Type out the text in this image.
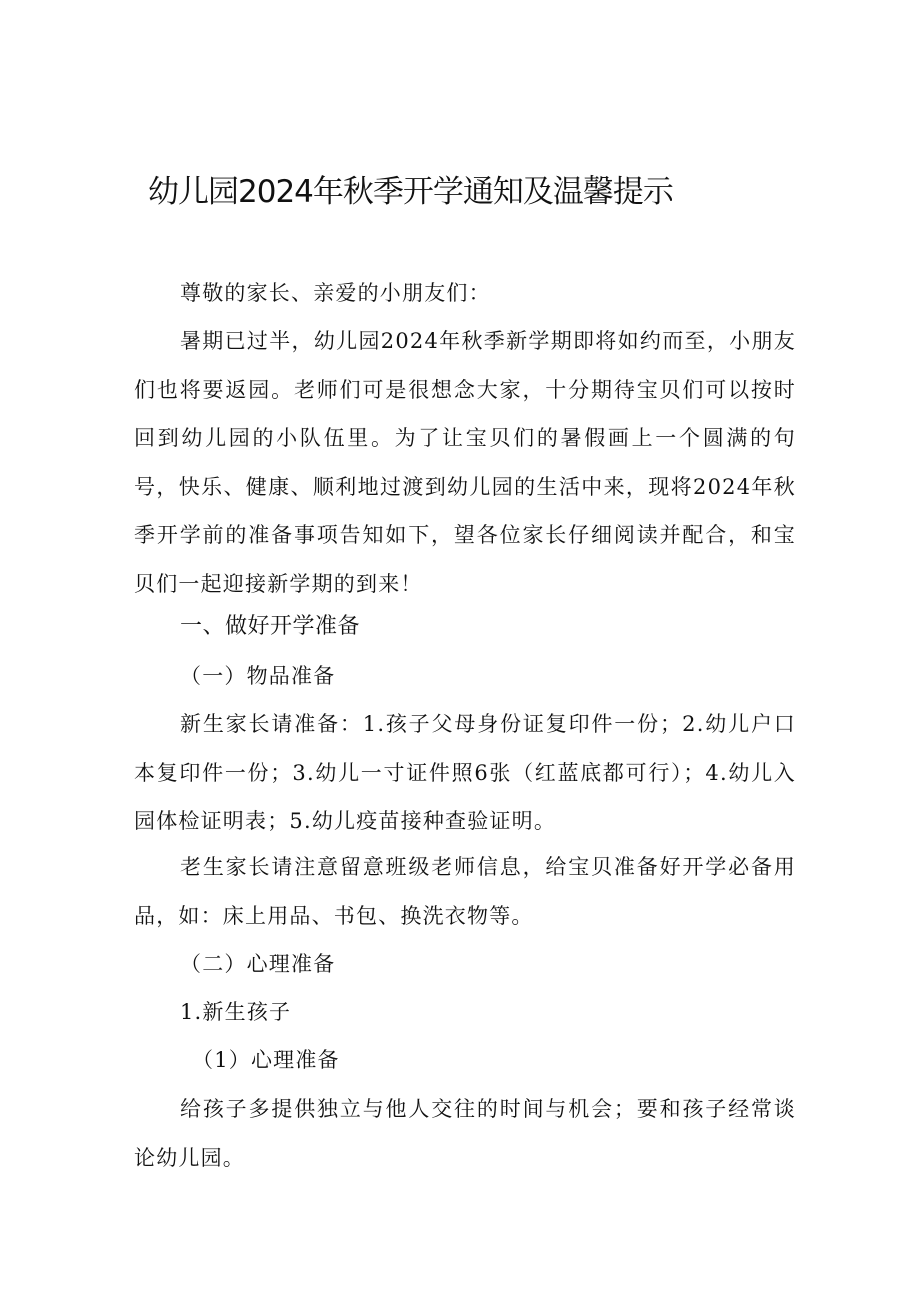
幼儿园2024年秋季开学通知及温馨提示

尊敬的家长、亲爱的小朋友们：

暑期已过半，幼儿园2024年秋季新学期即将如约而至，小朋友们也将要返园。老师们可是很想念大家，十分期待宝贝们可以按时回到幼儿园的小队伍里。为了让宝贝们的暑假画上一个圆满的句号，快乐、健康、顺利地过渡到幼儿园的生活中来，现将2024年秋季开学前的准备事项告知如下，望各位家长仔细阅读并配合，和宝贝们一起迎接新学期的到来！

一、做好开学准备

（一）物品准备

新生家长请准备：1.孩子父母身份证复印件一份；2.幼儿户口本复印件一份；3.幼儿一寸证件照6张（红蓝底都可行）；4.幼儿入园体检证明表；5.幼儿疫苗接种查验证明。

老生家长请注意留意班级老师信息，给宝贝准备好开学必备用品，如：床上用品、书包、换洗衣物等。

（二）心理准备

1.新生孩子

（1）心理准备

给孩子多提供独立与他人交往的时间与机会；要和孩子经常谈论幼儿园。
